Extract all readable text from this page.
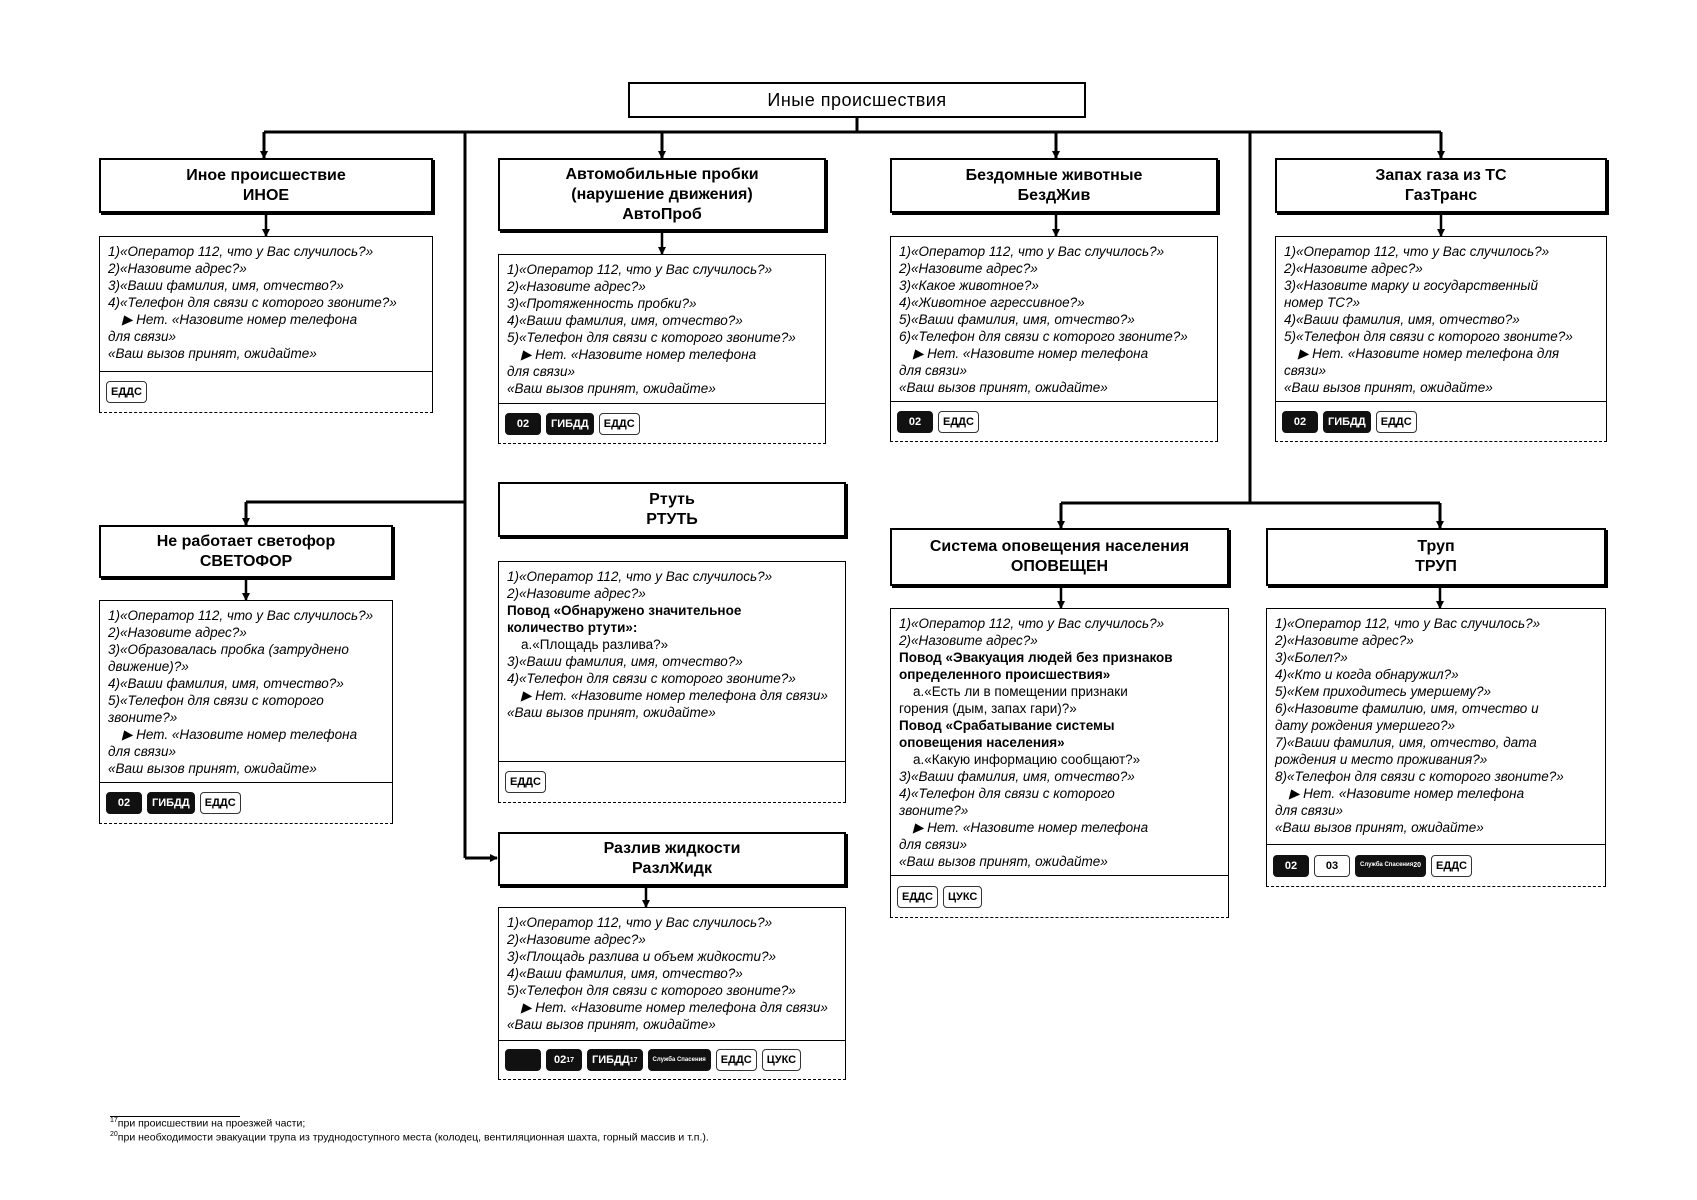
Иные происшествия
Иное происшествие
ИНОЕ
1)«Оператор 112, что у Вас случилось?»
2)«Назовите адрес?»
3)«Ваши фамилия, имя, отчество?»
4)«Телефон для связи с которого звоните?»
▶ Нет. «Назовите номер телефона
для связи»
«Ваш вызов принят, ожидайте»
ЕДДС
Автомобильные пробки
(нарушение движения)
АвтоПроб
1)«Оператор 112, что у Вас случилось?»
2)«Назовите адрес?»
3)«Протяженность пробки?»
4)«Ваши фамилия, имя, отчество?»
5)«Телефон для связи с которого звоните?»
▶ Нет. «Назовите номер телефона
для связи»
«Ваш вызов принят, ожидайте»
02 ГИБДД ЕДДС
Бездомные животные
БездЖив
1)«Оператор 112, что у Вас случилось?»
2)«Назовите адрес?»
3)«Какое животное?»
4)«Животное агрессивное?»
5)«Ваши фамилия, имя, отчество?»
6)«Телефон для связи с которого звоните?»
▶ Нет. «Назовите номер телефона
для связи»
«Ваш вызов принят, ожидайте»
02 ЕДДС
Запах газа из ТС
ГазТранс
1)«Оператор 112, что у Вас случилось?»
2)«Назовите адрес?»
3)«Назовите марку и государственный
номер ТС?»
4)«Ваши фамилия, имя, отчество?»
5)«Телефон для связи с которого звоните?»
▶ Нет. «Назовите номер телефона для
связи»
«Ваш вызов принят, ожидайте»
02 ГИБДД ЕДДС
Не работает светофор
СВЕТОФОР
1)«Оператор 112, что у Вас случилось?»
2)«Назовите адрес?»
3)«Образовалась пробка (затруднено
движение)?»
4)«Ваши фамилия, имя, отчество?»
5)«Телефон для связи с которого
звоните?»
▶ Нет. «Назовите номер телефона
для связи»
«Ваш вызов принят, ожидайте»
02 ГИБДД ЕДДС
Ртуть
РТУТЬ
1)«Оператор 112, что у Вас случилось?»
2)«Назовите адрес?»
Повод «Обнаружено значительное
количество ртути»:
а.«Площадь разлива?»
3)«Ваши фамилия, имя, отчество?»
4)«Телефон для связи с которого звоните?»
▶ Нет. «Назовите номер телефона для связи»
«Ваш вызов принят, ожидайте»
ЕДДС
Разлив жидкости
РазлЖидк
1)«Оператор 112, что у Вас случилось?»
2)«Назовите адрес?»
3)«Площадь разлива и объем жидкости?»
4)«Ваши фамилия, имя, отчество?»
5)«Телефон для связи с которого звоните?»
▶ Нет. «Назовите номер телефона для связи»
«Ваш вызов принят, ожидайте»
02 17 ГИБДД 17	Служба Спасения ЕДДС ЦУКС
Система оповещения населения
ОПОВЕЩЕН
1)«Оператор 112, что у Вас случилось?»
2)«Назовите адрес?»
Повод «Эвакуация людей без признаков
определенного происшествия»
а.«Есть ли в помещении признаки
горения (дым, запах гари)?»
Повод «Срабатывание системы
оповещения населения»
а.«Какую информацию сообщают?»
3)«Ваши фамилия, имя, отчество?»
4)«Телефон для связи с которого
звоните?»
▶ Нет. «Назовите номер телефона
для связи»
«Ваш вызов принят, ожидайте»
ЕДДС ЦУКС
Труп
ТРУП
1)«Оператор 112, что у Вас случилось?»
2)«Назовите адрес?»
3)«Болел?»
4)«Кто и когда обнаружил?»
5)«Кем приходитесь умершему?»
6)«Назовите фамилию, имя, отчество и
дату рождения умершего?»
7)«Ваши фамилия, имя, отчество, дата
рождения и место проживания?»
8)«Телефон для связи с которого звоните?»
▶ Нет. «Назовите номер телефона
для связи»
«Ваш вызов принят, ожидайте»
02	03	Служба Спасения 20 ЕДДС
$^{17}$при происшествии на проезжей части;
$^{20}$при необходимости эвакуации трупа из труднодоступного места (колодец, вентиляционная шахта, горный массив и т.п.).
